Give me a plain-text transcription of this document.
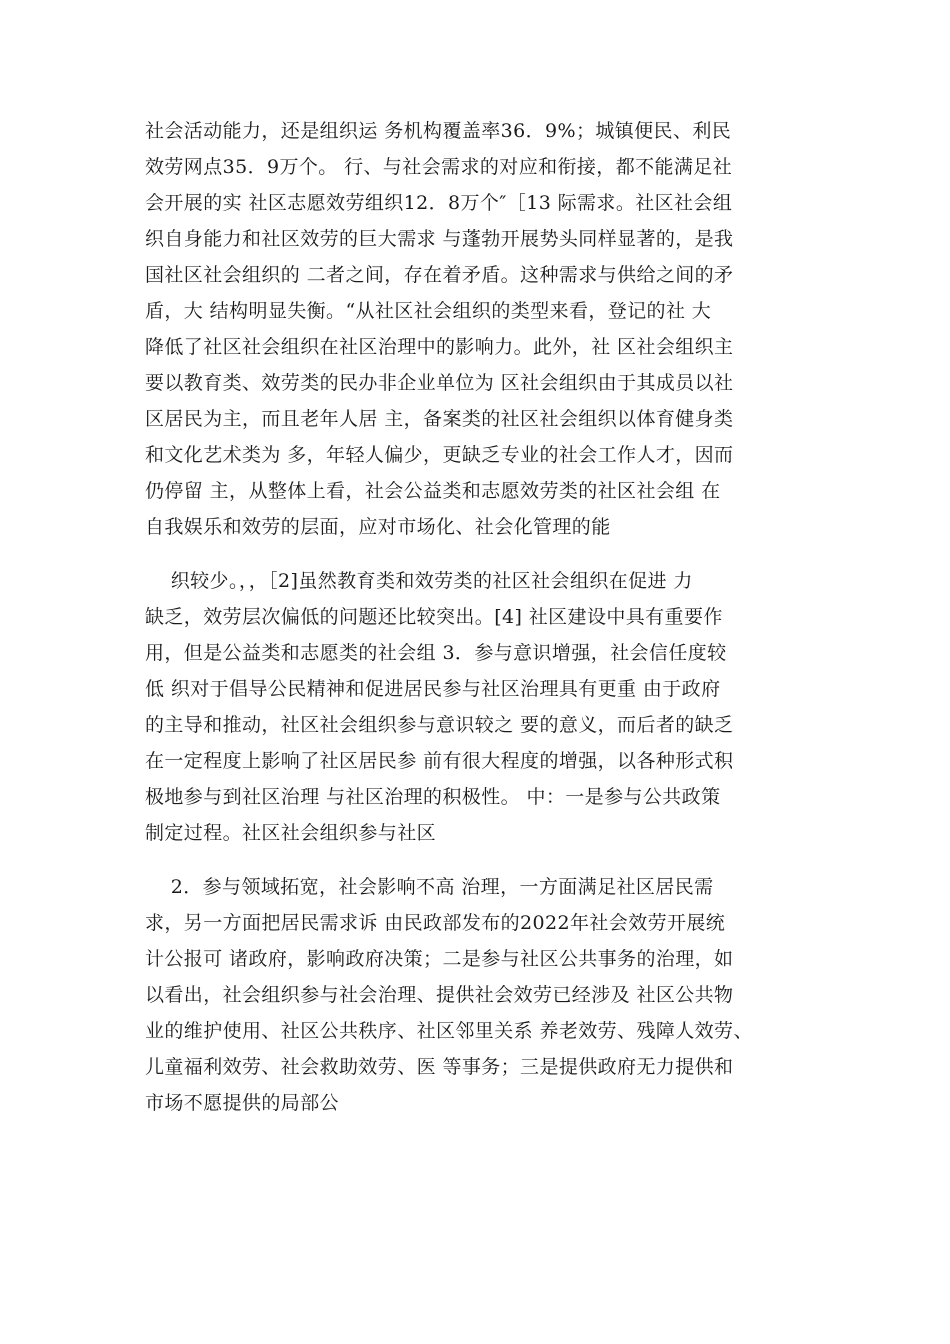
社会活动能力，还是组织运 务机构覆盖率36．9%；城镇便民、利民
效劳网点35．9万个。 行、与社会需求的对应和衔接，都不能满足社
会开展的实 社区志愿效劳组织12．8万个″［13 际需求。社区社会组
织自身能力和社区效劳的巨大需求 与蓬勃开展势头同样显著的，是我
国社区社会组织的 二者之间，存在着矛盾。这种需求与供给之间的矛
盾，大 结构明显失衡。“从社区社会组织的类型来看，登记的社 大
降低了社区社会组织在社区治理中的影响力。此外，社 区社会组织主
要以教育类、效劳类的民办非企业单位为 区社会组织由于其成员以社
区居民为主，而且老年人居 主，备案类的社区社会组织以体育健身类
和文化艺术类为 多，年轻人偏少，更缺乏专业的社会工作人才，因而
仍停留 主，从整体上看，社会公益类和志愿效劳类的社区社会组 在
自我娱乐和效劳的层面，应对市场化、社会化管理的能
织较少。，，［2]虽然教育类和效劳类的社区社会组织在促进 力
缺乏，效劳层次偏低的问题还比较突出。[4] 社区建设中具有重要作
用，但是公益类和志愿类的社会组 3．参与意识增强，社会信任度较
低 织对于倡导公民精神和促进居民参与社区治理具有更重 由于政府
的主导和推动，社区社会组织参与意识较之 要的意义，而后者的缺乏
在一定程度上影响了社区居民参 前有很大程度的增强，以各种形式积
极地参与到社区治理 与社区治理的积极性。 中：一是参与公共政策
制定过程。社区社会组织参与社区
2．参与领域拓宽，社会影响不高 治理，一方面满足社区居民需
求，另一方面把居民需求诉 由民政部发布的2022年社会效劳开展统
计公报可 诸政府，影响政府决策；二是参与社区公共事务的治理，如
以看出，社会组织参与社会治理、提供社会效劳已经涉及 社区公共物
业的维护使用、社区公共秩序、社区邻里关系 养老效劳、残障人效劳、
儿童福利效劳、社会救助效劳、医 等事务；三是提供政府无力提供和
市场不愿提供的局部公
